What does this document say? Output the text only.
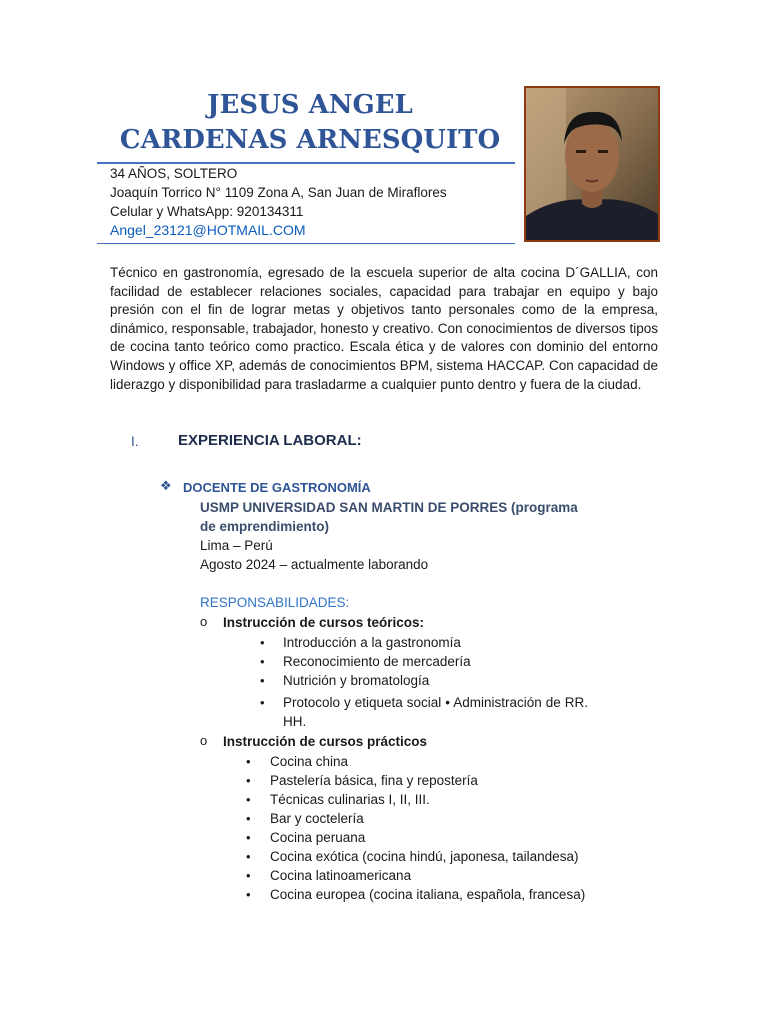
JESUS ANGEL
CARDENAS ARNESQUITO
34 AÑOS, SOLTERO
Joaquín Torrico N° 1109 Zona A, San Juan de Miraflores
Celular y WhatsApp: 920134311
Angel_23121@HOTMAIL.COM
Técnico en gastronomía, egresado de la escuela superior de alta cocina D´GALLIA, con facilidad de establecer relaciones sociales, capacidad para trabajar en equipo y bajo presión con el fin de lograr metas y objetivos tanto personales como de la empresa, dinámico, responsable, trabajador, honesto y creativo. Con conocimientos de diversos tipos de cocina tanto teórico como practico. Escala ética y de valores con dominio del entorno Windows y office XP, además de conocimientos BPM, sistema HACCAP. Con capacidad de liderazgo y disponibilidad para trasladarme a cualquier punto dentro y fuera de la ciudad.
I.	EXPERIENCIA LABORAL:
❖ DOCENTE DE GASTRONOMÍA
USMP UNIVERSIDAD SAN MARTIN DE PORRES (programa de emprendimiento)
Lima – Perú
Agosto 2024 – actualmente laborando
RESPONSABILIDADES:
o Instrucción de cursos teóricos:
• Introducción a la gastronomía
• Reconocimiento de mercadería
• Nutrición y bromatología
• Protocolo y etiqueta social • Administración de RR. HH.
o Instrucción de cursos prácticos
• Cocina china
• Pastelería básica, fina y repostería
• Técnicas culinarias I, II, III.
• Bar y coctelería
• Cocina peruana
• Cocina exótica (cocina hindú, japonesa, tailandesa)
• Cocina latinoamericana
• Cocina europea (cocina italiana, española, francesa)
